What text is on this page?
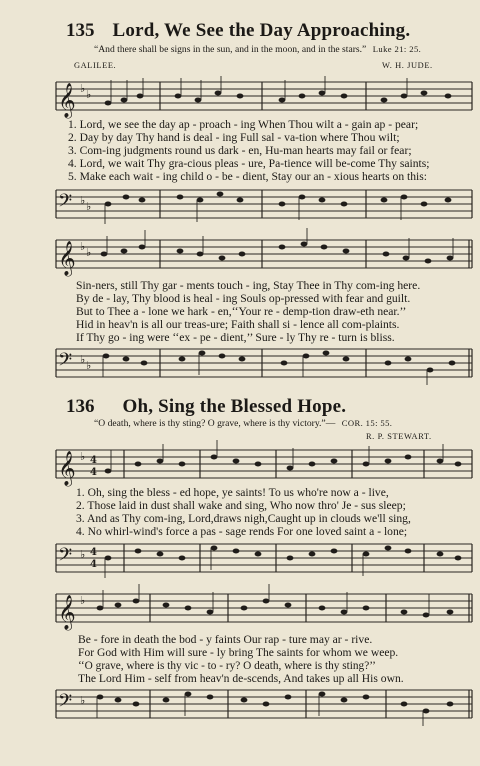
135 Lord, We See the Day Approaching.
“And there shall be signs in the sun, and in the moon, and in the stars.” Luke 21: 25.
GALILEE.	W. H. JUDE.
𝄞 ♭ ♭
1. Lord, we see the day ap - proach - ing When Thou wilt a - gain ap - pear;
2. Day by day Thy hand is deal - ing Full sal - va-tion where Thou wilt;
3. Com-ing judgments round us dark - en, Hu-man hearts may fail or fear;
4. Lord, we wait Thy gra-cious pleas - ure, Pa-tience will be-come Thy saints;
5. Make each wait - ing child o - be - dient, Stay our an - xious hearts on this:
𝄢 ♭ ♭
𝄞 ♭ ♭
Sin-ners, still Thy gar - ments touch - ing, Stay Thee in Thy com-ing here.
By de - lay, Thy blood is heal - ing Souls op-pressed with fear and guilt.
But to Thee a - lone we hark - en,‘‘Your re - demp-tion draw-eth near.’’
Hid in heav'n is all our treas-ure; Faith shall si - lence all com-plaints.
If Thy go - ing were ‘‘ex - pe - dient,’’ Sure - ly Thy re - turn is bliss.
𝄢 ♭ ♭
136 Oh, Sing the Blessed Hope.
“O death, where is thy sting? O grave, where is thy victory.”— COR. 15: 55.
R. P. STEWART.
𝄞 ♭ 4
4
1. Oh, sing the bless - ed hope, ye saints! To us who're now a - live,
2. Those laid in dust shall wake and sing, Who now thro' Je - sus sleep;
3. And as Thy com-ing, Lord,draws nigh,Caught up in clouds we'll sing,
4. No whirl-wind's force a pas - sage rends For one loved saint a - lone;
𝄢 ♭ 4
4
𝄞 ♭
Be - fore in death the bod - y faints Our rap - ture may ar - rive.
For God with Him will sure - ly bring The saints for whom we weep.
‘‘O grave, where is thy vic - to - ry? O death, where is thy sting?’’
The Lord Him - self from heav'n de-scends, And takes up all His own.
𝄢 ♭
